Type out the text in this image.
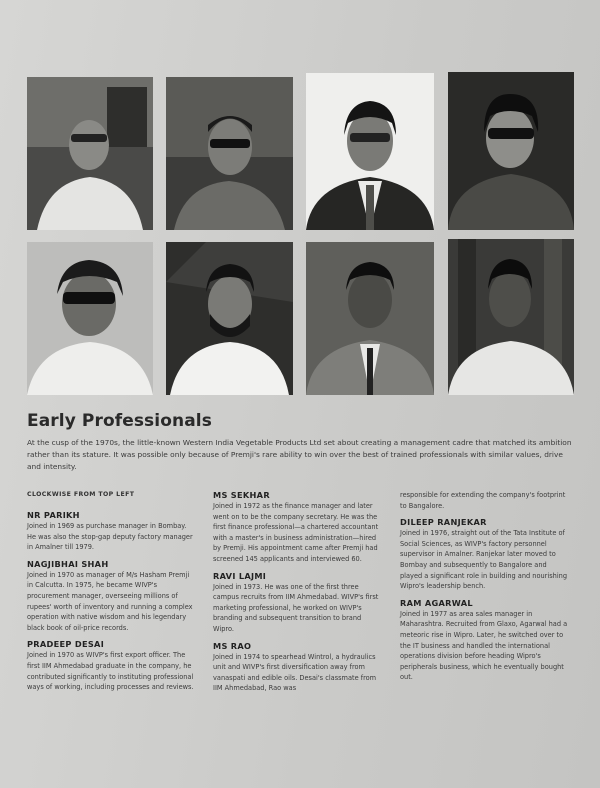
Early Professionals

At the cusp of the 1970s, the little-known Western India Vegetable Products Ltd set about creating a management cadre that matched its ambition rather than its stature. It was possible only because of Premji's rare ability to win over the best of trained professionals with similar values, drive and intensity.

CLOCKWISE FROM TOP LEFT

NR PARIKH

Joined in 1969 as purchase manager in Bombay. He was also the stop-gap deputy factory manager in Amalner till 1979.

NAGJIBHAI SHAH

Joined in 1970 as manager of M/s Hasham Premji in Calcutta. In 1975, he became WIVP's procurement manager, overseeing millions of rupees' worth of inventory and running a complex operation with native wisdom and his legendary black book of oil-price records.

PRADEEP DESAI

Joined in 1970 as WIVP's first export officer. The first IIM Ahmedabad graduate in the company, he contributed significantly to instituting professional ways of working, including processes and reviews.

MS SEKHAR

Joined in 1972 as the finance manager and later went on to be the company secretary. He was the first finance professional—a chartered accountant with a master's in business administration—hired by Premji. His appointment came after Premji had screened 145 applicants and interviewed 60.

RAVI LAJMI

Joined in 1973. He was one of the first three campus recruits from IIM Ahmedabad. WIVP's first marketing professional, he worked on WIVP's branding and subsequent transition to brand Wipro.

MS RAO

Joined in 1974 to spearhead Wintrol, a hydraulics unit and WIVP's first diversification away from vanaspati and edible oils. Desai's classmate from IIM Ahmedabad, Rao was

responsible for extending the company's footprint to Bangalore.

DILEEP RANJEKAR

Joined in 1976, straight out of the Tata Institute of Social Sciences, as WIVP's factory personnel supervisor in Amalner. Ranjekar later moved to Bombay and subsequently to Bangalore and played a significant role in building and nourishing Wipro's leadership bench.

RAM AGARWAL

Joined in 1977 as area sales manager in Maharashtra. Recruited from Glaxo, Agarwal had a meteoric rise in Wipro. Later, he switched over to the IT business and handled the international operations division before heading Wipro's peripherals business, which he eventually bought out.
